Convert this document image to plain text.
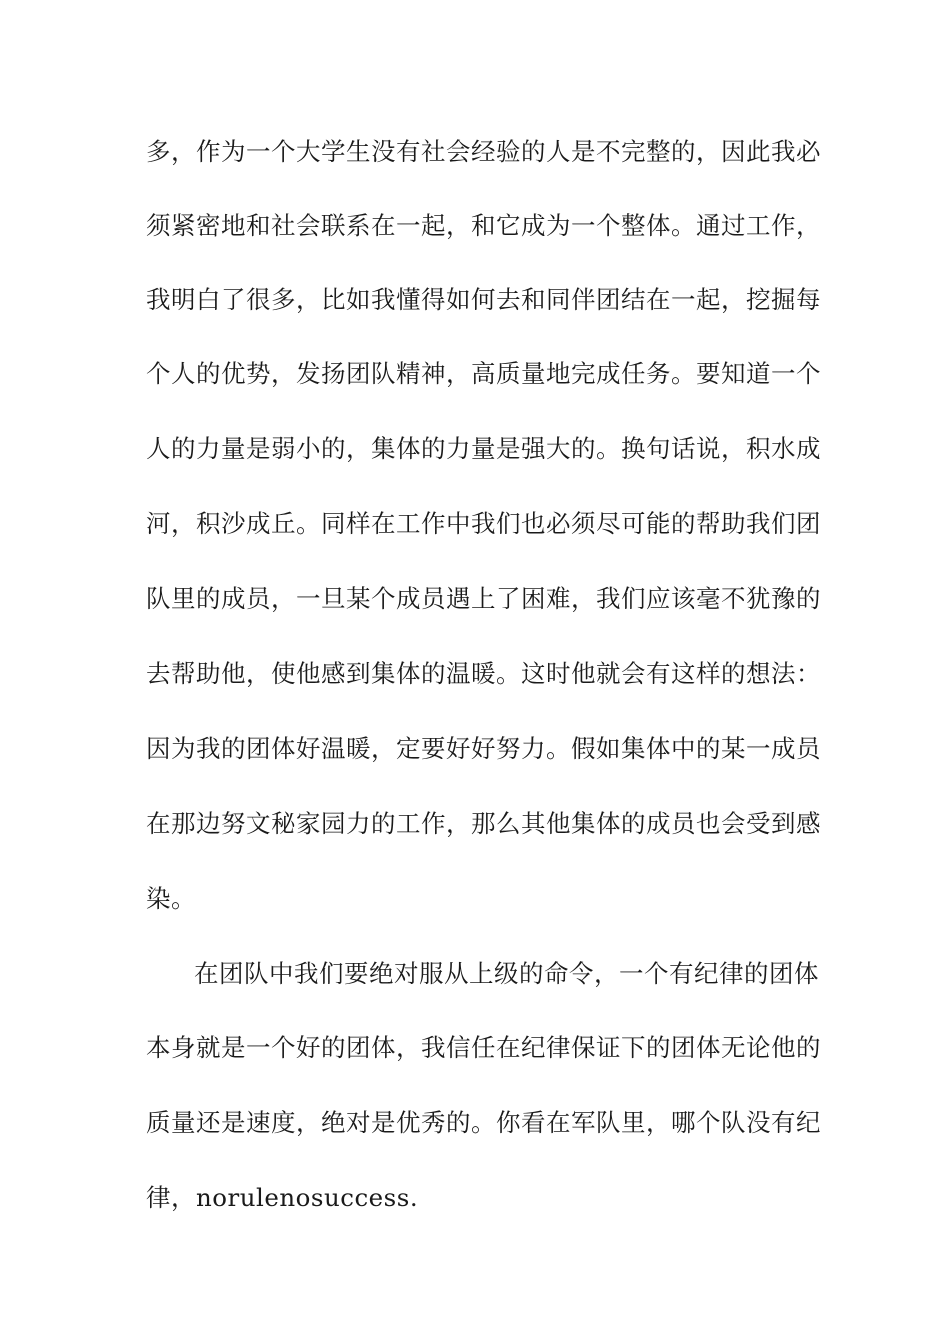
多，作为一个大学生没有社会经验的人是不完整的，因此我必
须紧密地和社会联系在一起，和它成为一个整体。通过工作，
我明白了很多，比如我懂得如何去和同伴团结在一起，挖掘每
个人的优势，发扬团队精神，高质量地完成任务。要知道一个
人的力量是弱小的，集体的力量是强大的。换句话说，积水成
河，积沙成丘。同样在工作中我们也必须尽可能的帮助我们团
队里的成员，一旦某个成员遇上了困难，我们应该毫不犹豫的
去帮助他，使他感到集体的温暖。这时他就会有这样的想法：
因为我的团体好温暖，定要好好努力。假如集体中的某一成员
在那边努文秘家园力的工作，那么其他集体的成员也会受到感
染。
在团队中我们要绝对服从上级的命令，一个有纪律的团体
本身就是一个好的团体，我信任在纪律保证下的团体无论他的
质量还是速度，绝对是优秀的。你看在军队里，哪个队没有纪
律，norulenosuccess.
